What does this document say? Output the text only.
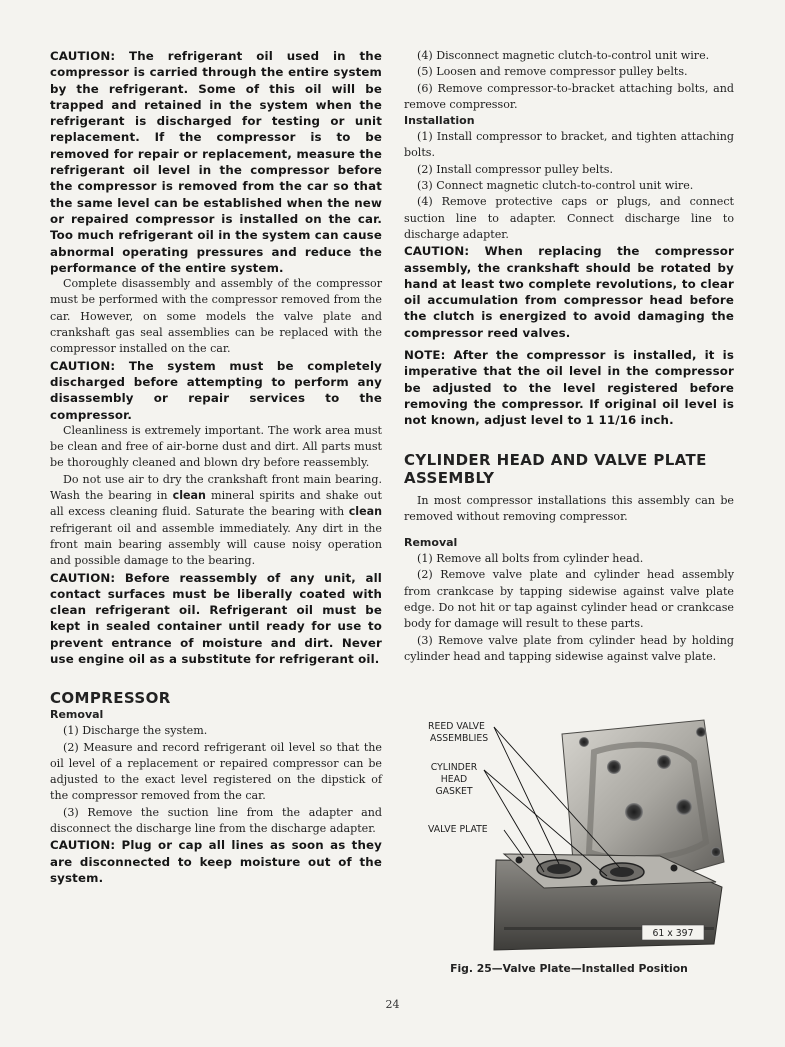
CAUTION: The refrigerant oil used in the compressor is carried through the entire system by the refrigerant. Some of this oil will be trapped and retained in the system when the refrigerant is discharged for testing or unit replacement. If the compressor is to be removed for repair or replacement, measure the refrigerant oil level in the compressor before the compressor is removed from the car so that the same level can be established when the new or repaired compressor is installed on the car. Too much refrigerant oil in the system can cause abnormal operating pressures and reduce the performance of the entire system.

Complete disassembly and assembly of the compressor must be performed with the compressor removed from the car. However, on some models the valve plate and crankshaft gas seal assemblies can be replaced with the compressor installed on the car.

CAUTION: The system must be completely discharged before attempting to perform any disassembly or repair services to the compressor.

Cleanliness is extremely important. The work area must be clean and free of air-borne dust and dirt. All parts must be thoroughly cleaned and blown dry before reassembly.

Do not use air to dry the crankshaft front main bearing. Wash the bearing in clean mineral spirits and shake out all excess cleaning fluid. Saturate the bearing with clean refrigerant oil and assemble immediately. Any dirt in the front main bearing assembly will cause noisy operation and possible damage to the bearing.

CAUTION: Before reassembly of any unit, all contact surfaces must be liberally coated with clean refrigerant oil. Refrigerant oil must be kept in sealed container until ready for use to prevent entrance of moisture and dirt. Never use engine oil as a substitute for refrigerant oil.

COMPRESSOR
Removal

(1) Discharge the system.

(2) Measure and record refrigerant oil level so that the oil level of a replacement or repaired compressor can be adjusted to the exact level registered on the dipstick of the compressor removed from the car.

(3) Remove the suction line from the adapter and disconnect the discharge line from the discharge adapter.

CAUTION: Plug or cap all lines as soon as they are disconnected to keep moisture out of the system.

(4) Disconnect magnetic clutch-to-control unit wire.

(5) Loosen and remove compressor pulley belts.

(6) Remove compressor-to-bracket attaching bolts, and remove compressor.

Installation

(1) Install compressor to bracket, and tighten attaching bolts.

(2) Install compressor pulley belts.

(3) Connect magnetic clutch-to-control unit wire.

(4) Remove protective caps or plugs, and connect suction line to adapter. Connect discharge line to discharge adapter.

CAUTION: When replacing the compressor assembly, the crankshaft should be rotated by hand at least two complete revolutions, to clear oil accumulation from compressor head before the clutch is energized to avoid damaging the compressor reed valves.

NOTE: After the compressor is installed, it is imperative that the oil level in the compressor be adjusted to the level registered before removing the compressor. If original oil level is not known, adjust level to 1 11/16 inch.

CYLINDER HEAD AND VALVE PLATE ASSEMBLY

In most compressor installations this assembly can be removed without removing compressor.

Removal

(1) Remove all bolts from cylinder head.

(2) Remove valve plate and cylinder head assembly from crankcase by tapping sidewise against valve plate edge. Do not hit or tap against cylinder head or crankcase body for damage will result to these parts.

(3) Remove valve plate from cylinder head by holding cylinder head and tapping sidewise against valve plate.

61 x 397
REED VALVE
ASSEMBLIES
CYLINDER
HEAD
GASKET
VALVE PLATE
Fig. 25—Valve Plate—Installed Position
24
